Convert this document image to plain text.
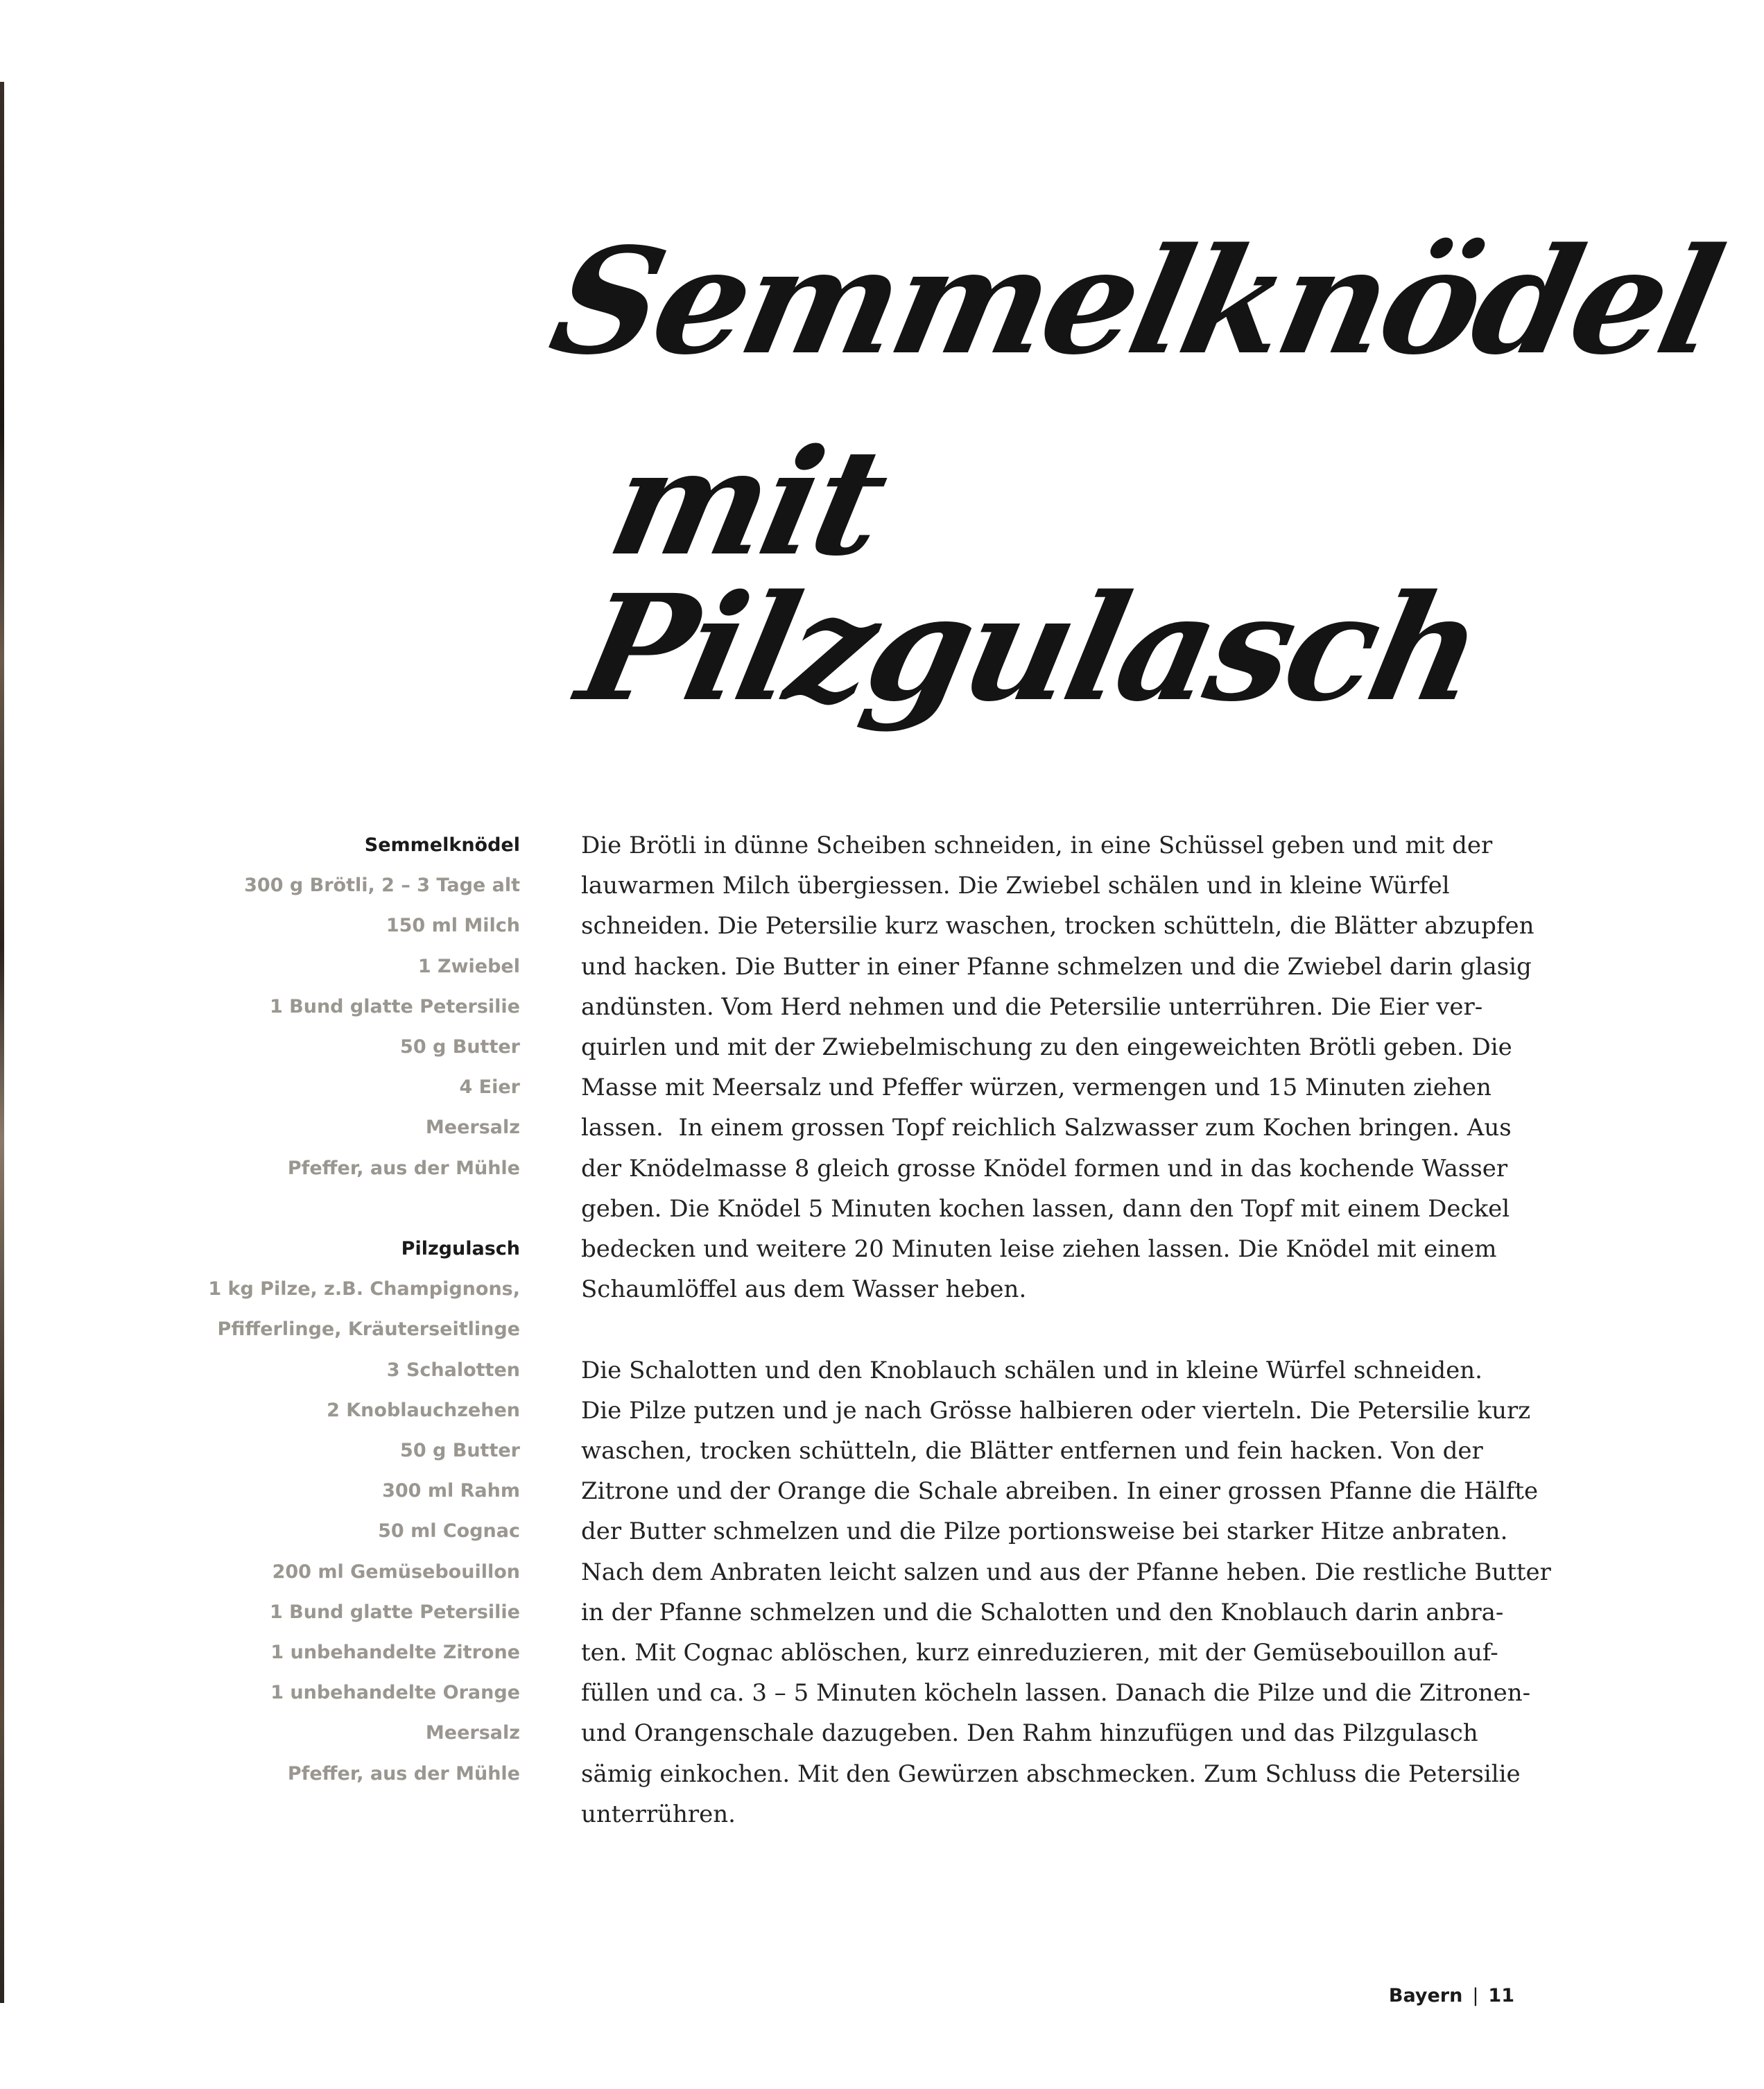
Semmelknödel
mit Pilzgulasch
Semmelknödel
300 g Brötli, 2 – 3 Tage alt
150 ml Milch
1 Zwiebel
1 Bund glatte Petersilie
50 g Butter
4 Eier
Meersalz
Pfeffer, aus der Mühle
Pilzgulasch
1 kg Pilze, z.B. Champignons,
Pfifferlinge, Kräuterseitlinge
3 Schalotten
2 Knoblauchzehen
50 g Butter
300 ml Rahm
50 ml Cognac
200 ml Gemüsebouillon
1 Bund glatte Petersilie
1 unbehandelte Zitrone
1 unbehandelte Orange
Meersalz
Pfeffer, aus der Mühle
Die Brötli in dünne Scheiben schneiden, in eine Schüssel geben und mit der
lauwarmen Milch übergiessen. Die Zwiebel schälen und in kleine Würfel
schneiden. Die Petersilie kurz waschen, trocken schütteln, die Blätter abzupfen
und hacken. Die Butter in einer Pfanne schmelzen und die Zwiebel darin glasig
andünsten. Vom Herd nehmen und die Petersilie unterrühren. Die Eier ver-
quirlen und mit der Zwiebelmischung zu den eingeweichten Brötli geben. Die
Masse mit Meersalz und Pfeffer würzen, vermengen und 15 Minuten ziehen
lassen.  In einem grossen Topf reichlich Salzwasser zum Kochen bringen. Aus
der Knödelmasse 8 gleich grosse Knödel formen und in das kochende Wasser
geben. Die Knödel 5 Minuten kochen lassen, dann den Topf mit einem Deckel
bedecken und weitere 20 Minuten leise ziehen lassen. Die Knödel mit einem
Schaumlöffel aus dem Wasser heben.
Die Schalotten und den Knoblauch schälen und in kleine Würfel schneiden.
Die Pilze putzen und je nach Grösse halbieren oder vierteln. Die Petersilie kurz
waschen, trocken schütteln, die Blätter entfernen und fein hacken. Von der
Zitrone und der Orange die Schale abreiben. In einer grossen Pfanne die Hälfte
der Butter schmelzen und die Pilze portionsweise bei starker Hitze anbraten.
Nach dem Anbraten leicht salzen und aus der Pfanne heben. Die restliche Butter
in der Pfanne schmelzen und die Schalotten und den Knoblauch darin anbra-
ten. Mit Cognac ablöschen, kurz einreduzieren, mit der Gemüsebouillon auf-
füllen und ca. 3 – 5 Minuten köcheln lassen. Danach die Pilze und die Zitronen-
und Orangenschale dazugeben. Den Rahm hinzufügen und das Pilzgulasch
sämig einkochen. Mit den Gewürzen abschmecken. Zum Schluss die Petersilie
unterrühren.
Bayern | 11
